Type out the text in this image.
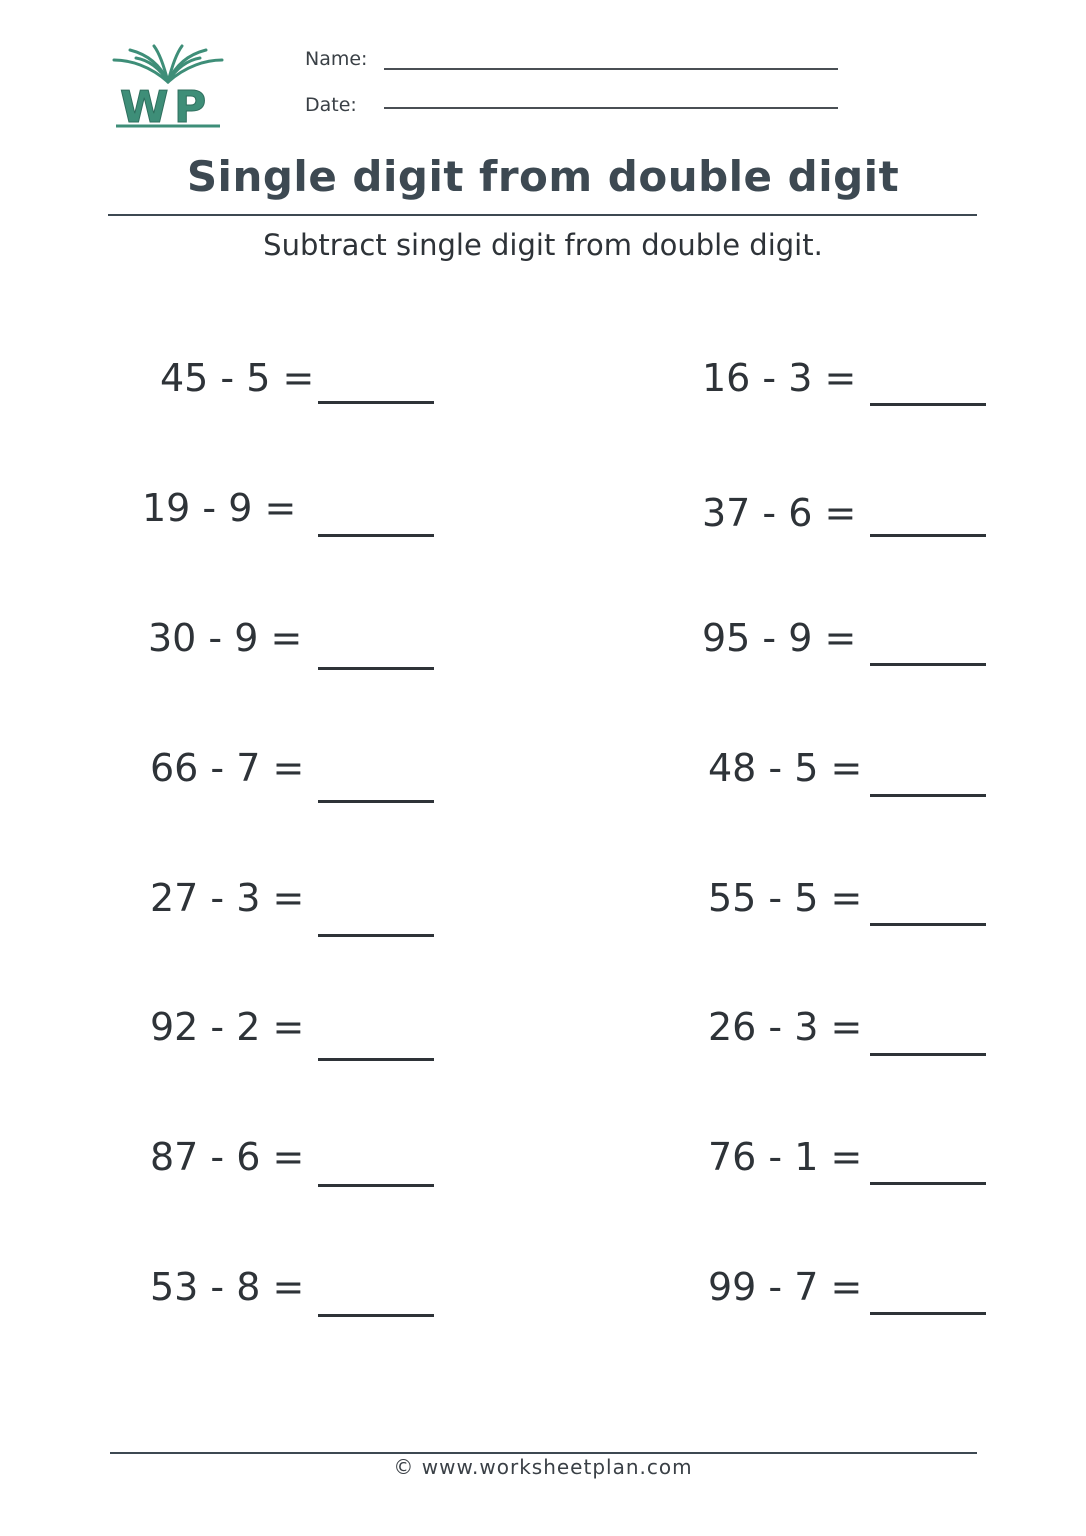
W P
Name:
Date:
Single digit from double digit
Subtract single digit from double digit.
45 - 5 =
19 - 9 =
30 - 9 =
66 - 7 =
27 - 3 =
92 - 2 =
87 - 6 =
53 - 8 =
16 - 3 =
37 - 6 =
95 - 9 =
48 - 5 =
55 - 5 =
26 - 3 =
76 - 1 =
99 - 7 =
© www.worksheetplan.com
